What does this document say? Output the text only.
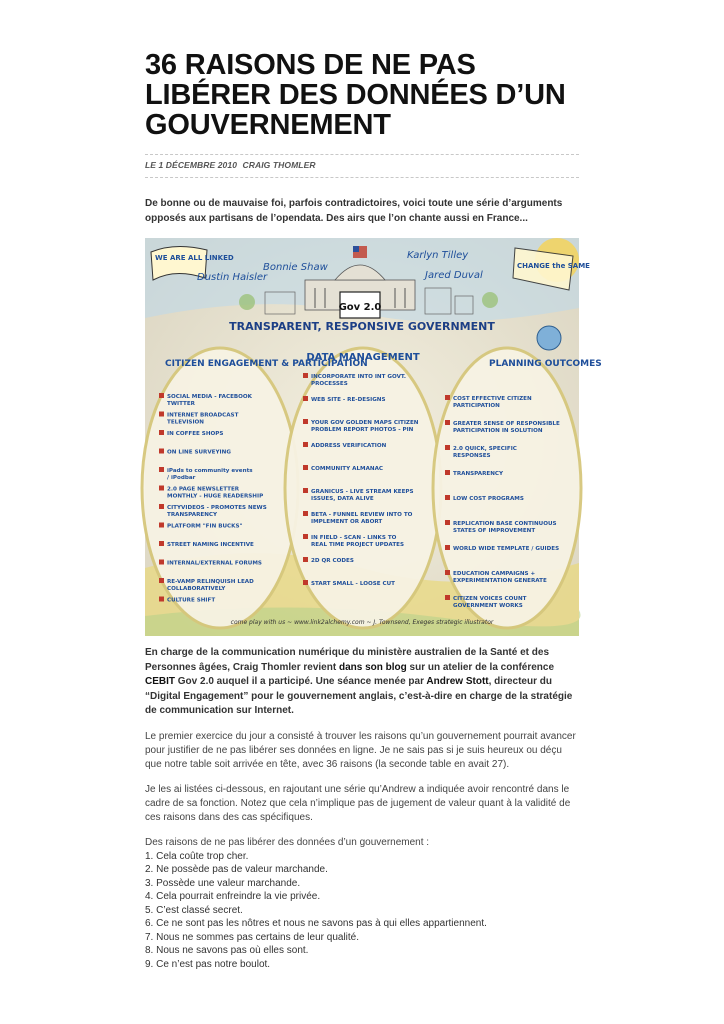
36 RAISONS DE NE PAS LIBÉRER DES DONNÉES D’UN GOUVERNEMENT
LE 1 DÉCEMBRE 2010 CRAIG THOMLER

De bonne ou de mauvaise foi, parfois contradictoires, voici toute une série d’arguments opposés aux partisans de l’opendata. Des airs que l’on chante aussi en France...

WE ARE ALL LINKED
CHANGE the SAME
Dustin Haisler
Bonnie Shaw
Karlyn Tilley
Jared Duval
Gov 2.0
TRANSPARENT, RESPONSIVE GOVERNMENT
CITIZEN ENGAGEMENT & PARTICIPATION
DATA MANAGEMENT
PLANNING OUTCOMES
SOCIAL MEDIA - FACEBOOK
TWITTER
INTERNET BROADCAST
TELEVISION
IN COFFEE SHOPS
ON LINE SURVEYING
iPads to community events
/ iPodbar
2.0 PAGE NEWSLETTER
MONTHLY - HUGE READERSHIP
CITYVIDEOS - PROMOTES NEWS
TRANSPARENCY
PLATFORM "FIN BUCKS"
STREET NAMING INCENTIVE
INTERNAL/EXTERNAL FORUMS
RE-VAMP RELINQUISH LEAD
COLLABORATIVELY
CULTURE SHIFT
INCORPORATE INTO INT GOVT.
PROCESSES
WEB SITE - RE-DESIGNS
YOUR GOV GOLDEN MAPS CITIZEN
PROBLEM REPORT PHOTOS - PIN
ADDRESS VERIFICATION
COMMUNITY ALMANAC
GRANICUS - LIVE STREAM KEEPS
ISSUES, DATA ALIVE
BETA - FUNNEL REVIEW INTO TO
IMPLEMENT OR ABORT
IN FIELD - SCAN - LINKS TO
REAL TIME PROJECT UPDATES
2D QR CODES
START SMALL - LOOSE CUT
COST EFFECTIVE CITIZEN
PARTICIPATION
GREATER SENSE OF RESPONSIBLE
PARTICIPATION IN SOLUTION
2.0 QUICK, SPECIFIC
RESPONSES
TRANSPARENCY
LOW COST PROGRAMS
REPLICATION BASE CONTINUOUS
STATES OF IMPROVEMENT
WORLD WIDE TEMPLATE / GUIDES
EDUCATION CAMPAIGNS +
EXPERIMENTATION GENERATE
CITIZEN VOICES COUNT
GOVERNMENT WORKS
come play with us ~ www.link2alchemy.com ~ J. Townsend, Exeges strategic illustrator

En charge de la communication numérique du ministère australien de la Santé et des Personnes âgées, Craig Thomler revient dans son blog sur un atelier de la conférence CEBIT Gov 2.0 auquel il a participé. Une séance menée par Andrew Stott, directeur du “Digital Engagement” pour le gouvernement anglais, c’est-à-dire en charge de la stratégie de communication sur Internet.

Le premier exercice du jour a consisté à trouver les raisons qu’un gouvernement pourrait avancer pour justifier de ne pas libérer ses données en ligne. Je ne sais pas si je suis heureux ou déçu que notre table soit arrivée en tête, avec 36 raisons (la seconde table en avait 27).

Je les ai listées ci-dessous, en rajoutant une série qu’Andrew a indiquée avoir rencontré dans le cadre de sa fonction. Notez que cela n’implique pas de jugement de valeur quant à la validité de ces raisons dans des cas spécifiques.

Des raisons de ne pas libérer des données d’un gouvernement :

1. Cela coûte trop cher.
2. Ne possède pas de valeur marchande.
3. Possède une valeur marchande.
4. Cela pourrait enfreindre la vie privée.
5. C’est classé secret.
6. Ce ne sont pas les nôtres et nous ne savons pas à qui elles appartiennent.
7. Nous ne sommes pas certains de leur qualité.
8. Nous ne savons pas où elles sont.
9. Ce n’est pas notre boulot.
